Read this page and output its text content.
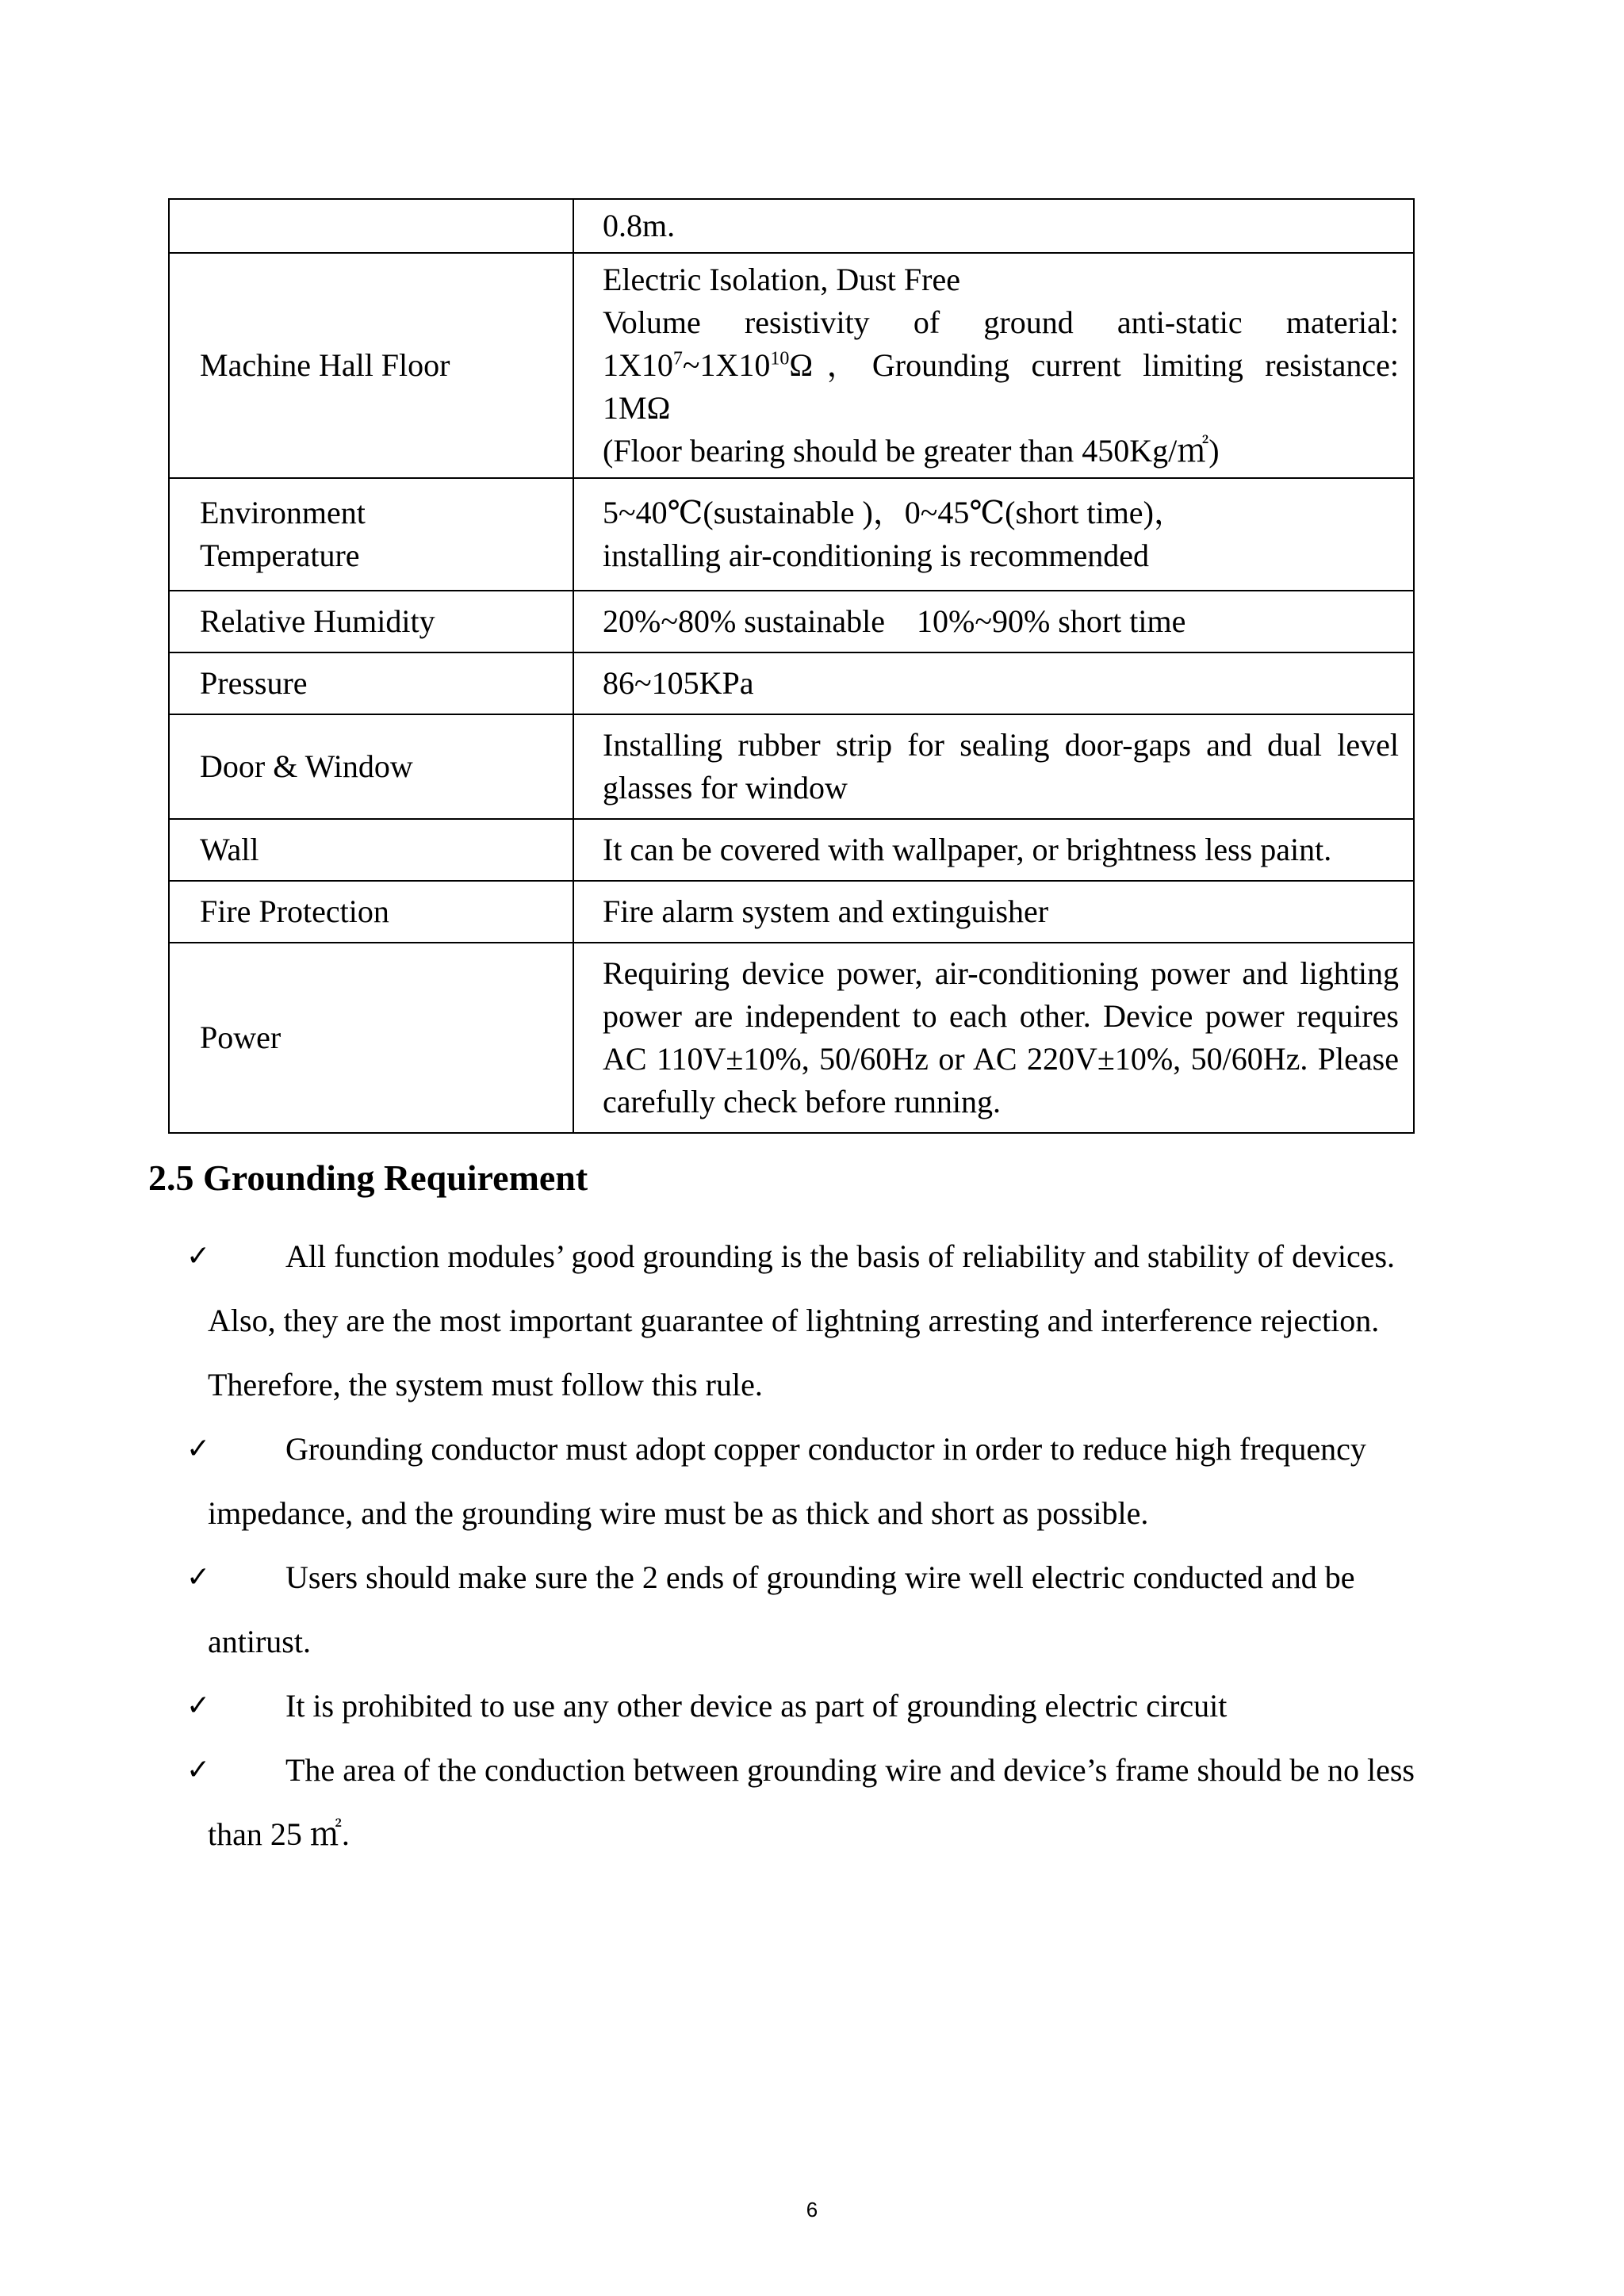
	0.8m.
Machine Hall Floor	Electric Isolation, Dust Free
Volume resistivity of ground anti-static material:
$1X10^7\sim 1X10^{10}\Omega$，Grounding current limiting resistance: 1MΩ
(Floor bearing should be greater than 450Kg/㎡)

Environment
Temperature	5~40℃(sustainable )，0~45℃(short time)，
installing air-conditioning is recommended

Relative Humidity	20%~80% sustainable    10%~90% short time
Pressure	86~105KPa
Door & Window	Installing rubber strip for sealing door-gaps and dual level glasses for window
Wall	It can be covered with wallpaper, or brightness less paint.
Fire Protection	Fire alarm system and extinguisher
Power	Requiring device power, air-conditioning power and lighting power are independent to each other. Device power requires AC 110V±10%, 50/60Hz or AC 220V±10%, 50/60Hz. Please carefully check before running.
2.5 Grounding Requirement
✓	All function modules’ good grounding is the basis of reliability and stability of devices. Also, they are the most important guarantee of lightning arresting and interference rejection. Therefore, the system must follow this rule.
✓	Grounding conductor must adopt copper conductor in order to reduce high frequency impedance, and the grounding wire must be as thick and short as possible.
✓	Users should make sure the 2 ends of grounding wire well electric conducted and be antirust.
✓	It is prohibited to use any other device as part of grounding electric circuit
✓	The area of the conduction between grounding wire and device’s frame should be no less than 25 ㎡.
6
